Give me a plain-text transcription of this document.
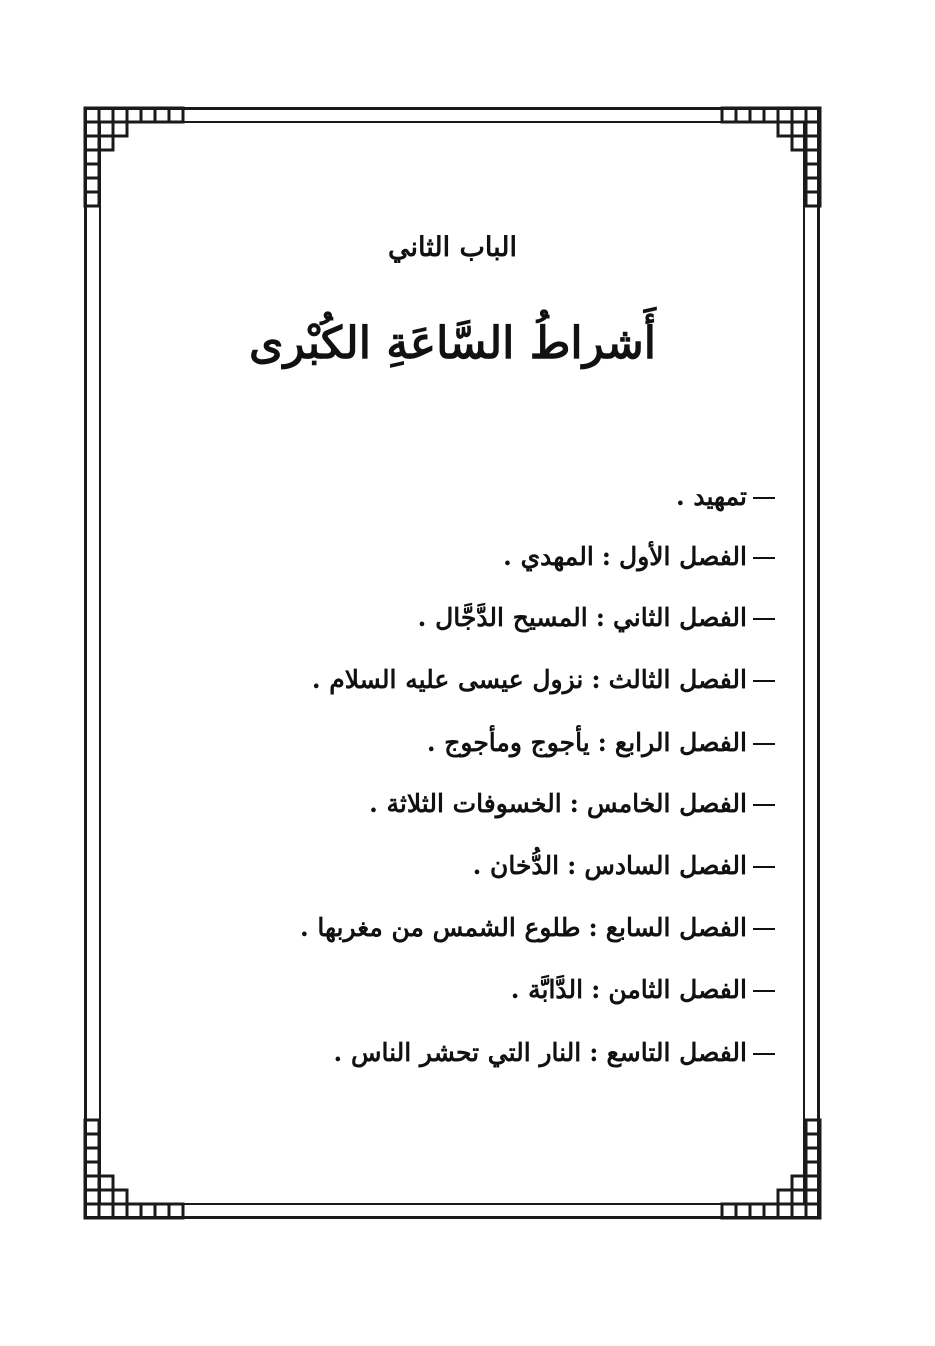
الباب الثاني
أَشراطُ السَّاعَةِ الكُبْرى
تمهيد .
الفصل الأول:المهدي .
الفصل الثاني:المسيح الدَّجَّال .
الفصل الثالث:نزول عيسى عليه السلام .
الفصل الرابع:يأجوج ومأجوج .
الفصل الخامس:الخسوفات الثلاثة .
الفصل السادس:الدُّخان .
الفصل السابع:طلوع الشمس من مغربها .
الفصل الثامن:الدَّابَّة .
الفصل التاسع:النار التي تحشر الناس .
